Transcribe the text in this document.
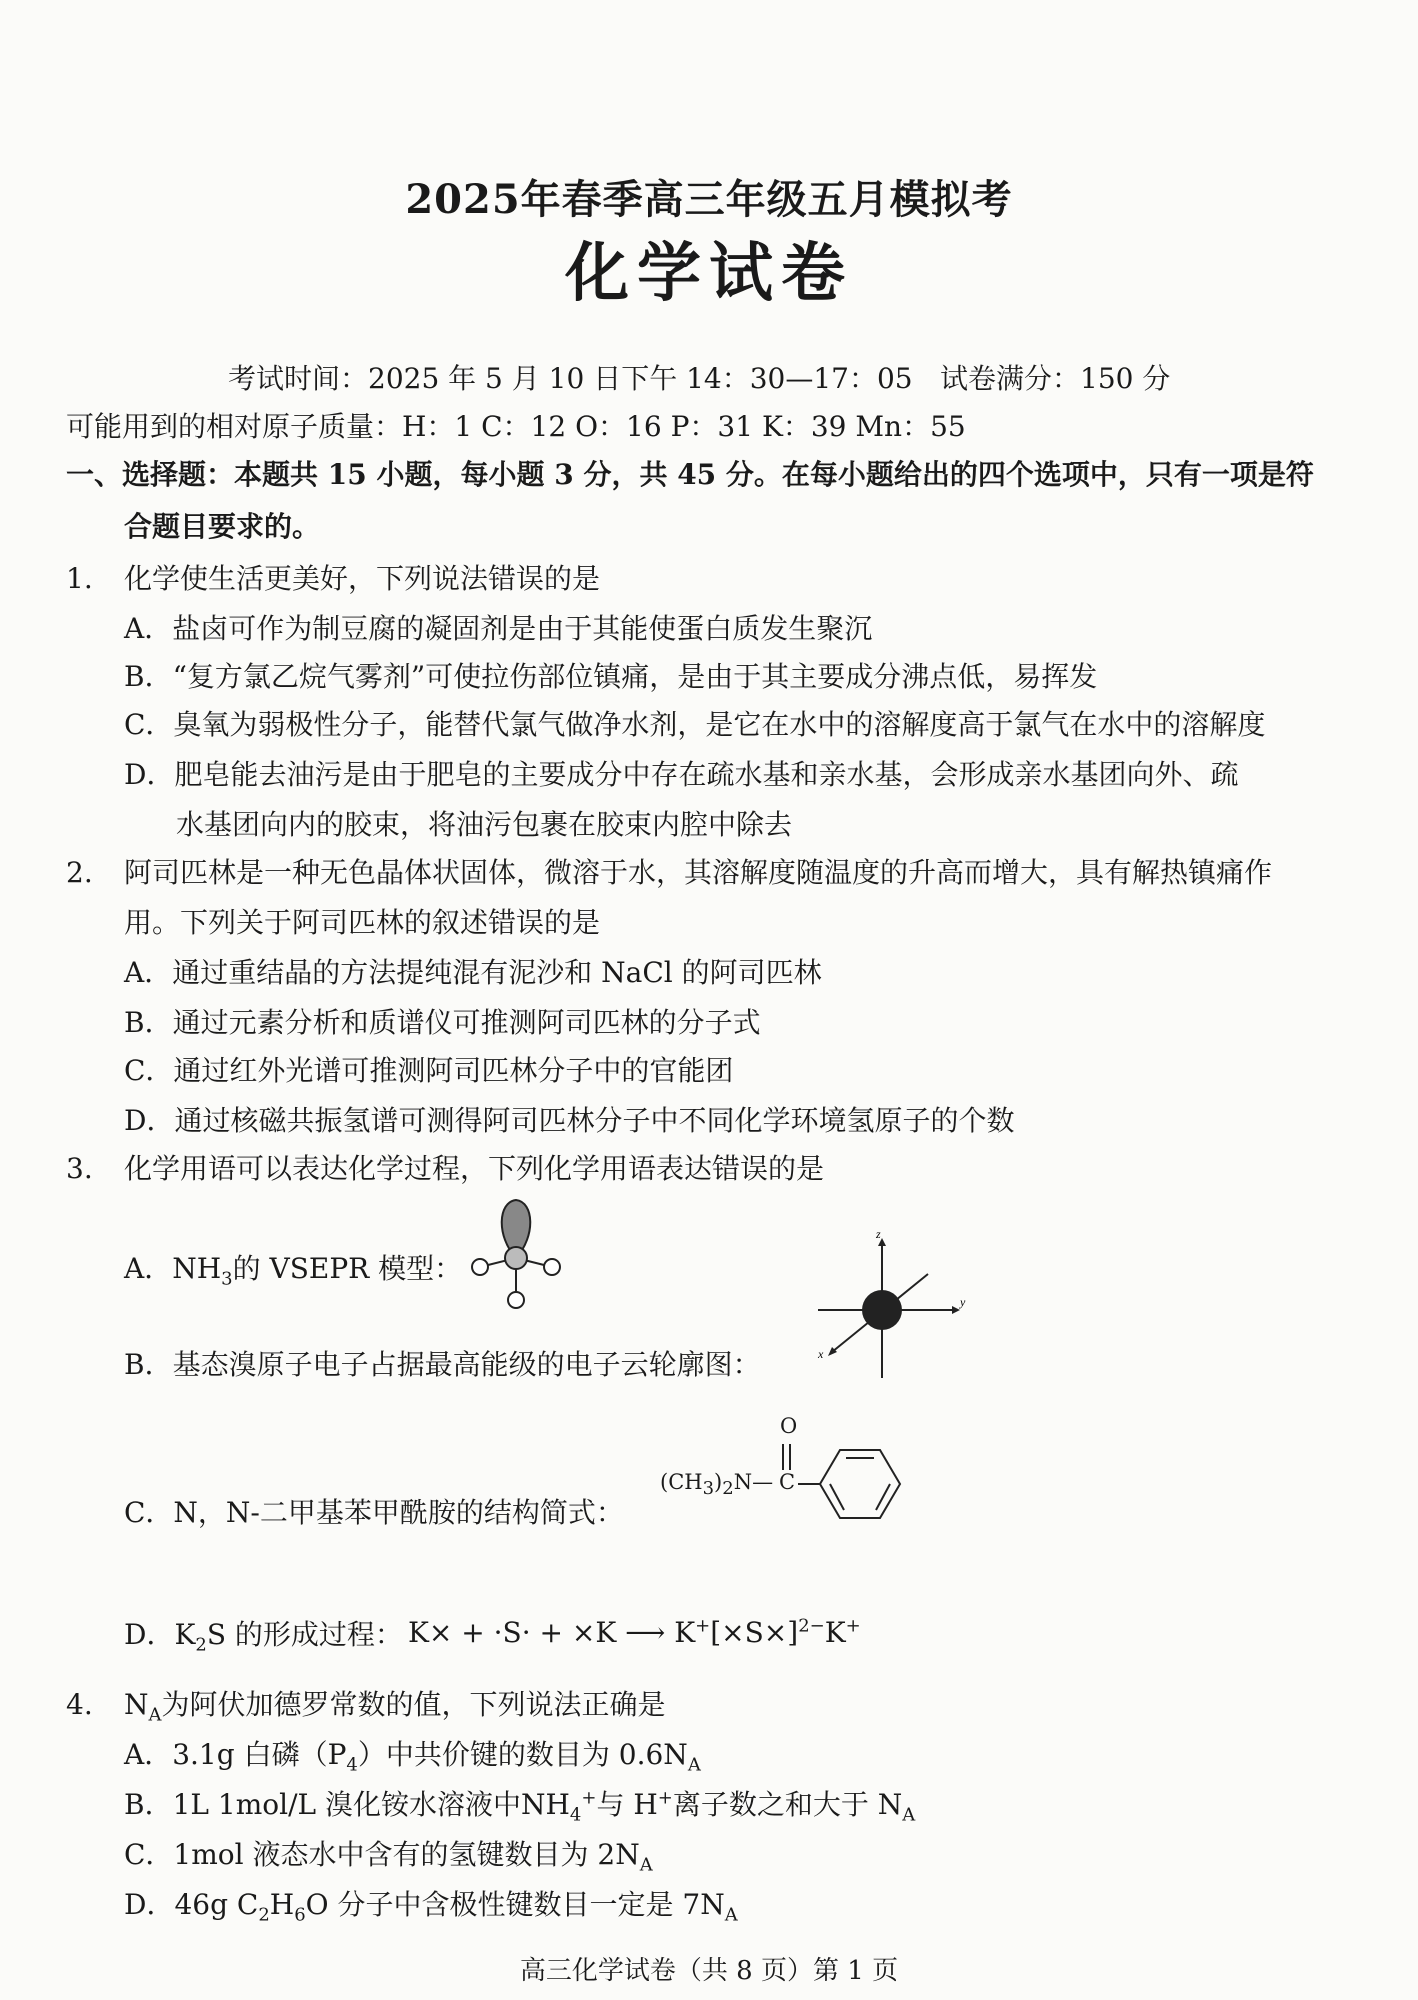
2025年春季高三年级五月模拟考
化学试卷
考试时间：2025 年 5 月 10 日下午 14：30—17：05 试卷满分：150 分
可能用到的相对原子质量：H：1 C：12 O：16 P：31 K：39 Mn：55
一、选择题：本题共 15 小题，每小题 3 分，共 45 分。在每小题给出的四个选项中，只有一项是符
合题目要求的。
1.	化学使生活更美好，下列说法错误的是
A．盐卤可作为制豆腐的凝固剂是由于其能使蛋白质发生聚沉
B．“复方氯乙烷气雾剂”可使拉伤部位镇痛，是由于其主要成分沸点低，易挥发
C．臭氧为弱极性分子，能替代氯气做净水剂，是它在水中的溶解度高于氯气在水中的溶解度
D．肥皂能去油污是由于肥皂的主要成分中存在疏水基和亲水基，会形成亲水基团向外、疏
水基团向内的胶束，将油污包裹在胶束内腔中除去
2.	阿司匹林是一种无色晶体状固体，微溶于水，其溶解度随温度的升高而增大，具有解热镇痛作
用。下列关于阿司匹林的叙述错误的是
A．通过重结晶的方法提纯混有泥沙和 NaCl 的阿司匹林
B．通过元素分析和质谱仪可推测阿司匹林的分子式
C．通过红外光谱可推测阿司匹林分子中的官能团
D．通过核磁共振氢谱可测得阿司匹林分子中不同化学环境氢原子的个数
3.	化学用语可以表达化学过程，下列化学用语表达错误的是
A．$NH_3$的 VSEPR 模型：
B．基态溴原子电子占据最高能级的电子云轮廓图：
z
y
x
C．N，N-二甲基苯甲酰胺的结构简式：
$(CH_3)_2N—$ C
O
D．$K_2S$ 的形成过程： K× + ·S· + ×K ⟶ $K^+[\times S\times]^{2-}K^+$
4.	$N_A$为阿伏加德罗常数的值，下列说法正确是
A．3.1g 白磷$(P_4)$中共价键的数目为 $0.6N_A$
B．1L 1mol/L 溴化铵水溶液中$NH_4^+$与 H+离子数之和大于 $N_A$
C．1mol 液态水中含有的氢键数目为 $2N_A$
D．46g $C_2H_6O$ 分子中含极性键数目一定是 $7N_A$
高三化学试卷（共 8 页）第 1 页
